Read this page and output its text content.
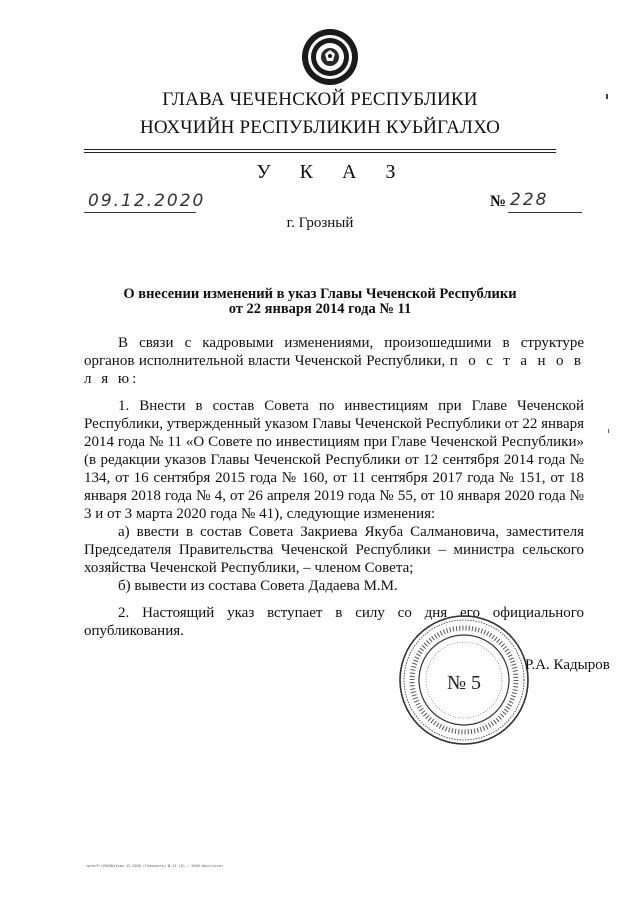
ГЛАВА ЧЕЧЕНСКОЙ РЕСПУБЛИКИ
НОХЧИЙН РЕСПУБЛИКИН КУЬЙГАЛХО
У К А З
09.12.2020	№ 228
г. Грозный
О внесении изменений в указ Главы Чеченской Республики
от 22 января 2014 года № 11

В связи с кадровыми изменениями, произошедшими в структуре органов исполнительной власти Чеченской Республики, п о с т а н о в л я ю:

1. Внести в состав Совета по инвестициям при Главе Чеченской Республики, утвержденный указом Главы Чеченской Республики от 22 января 2014 года № 11 «О Совете по инвестициям при Главе Чеченской Республики» (в редакции указов Главы Чеченской Республики от 12 сентября 2014 года № 134, от 16 сентября 2015 года № 160, от 11 сентября 2017 года № 151, от 18 января 2018 года № 4, от 26 апреля 2019 года № 55, от 10 января 2020 года № 3 и от 3 марта 2020 года № 41), следующие изменения:

а) ввести в состав Совета Закриева Якуба Салмановича, заместителя Председателя Правительства Чеченской Республики – министра сельского хозяйства Чеченской Республики, – членом Совета;

б) вывести из состава Совета Дадаева М.М.

2. Настоящий указ вступает в силу со дня его официального опубликования.

№ 5
Р.А. Кадыров
<pre>P:\УКАЗЫ\Указ 12.2020 (Гласность) № 11 (6) – 2020.docx</pre>
